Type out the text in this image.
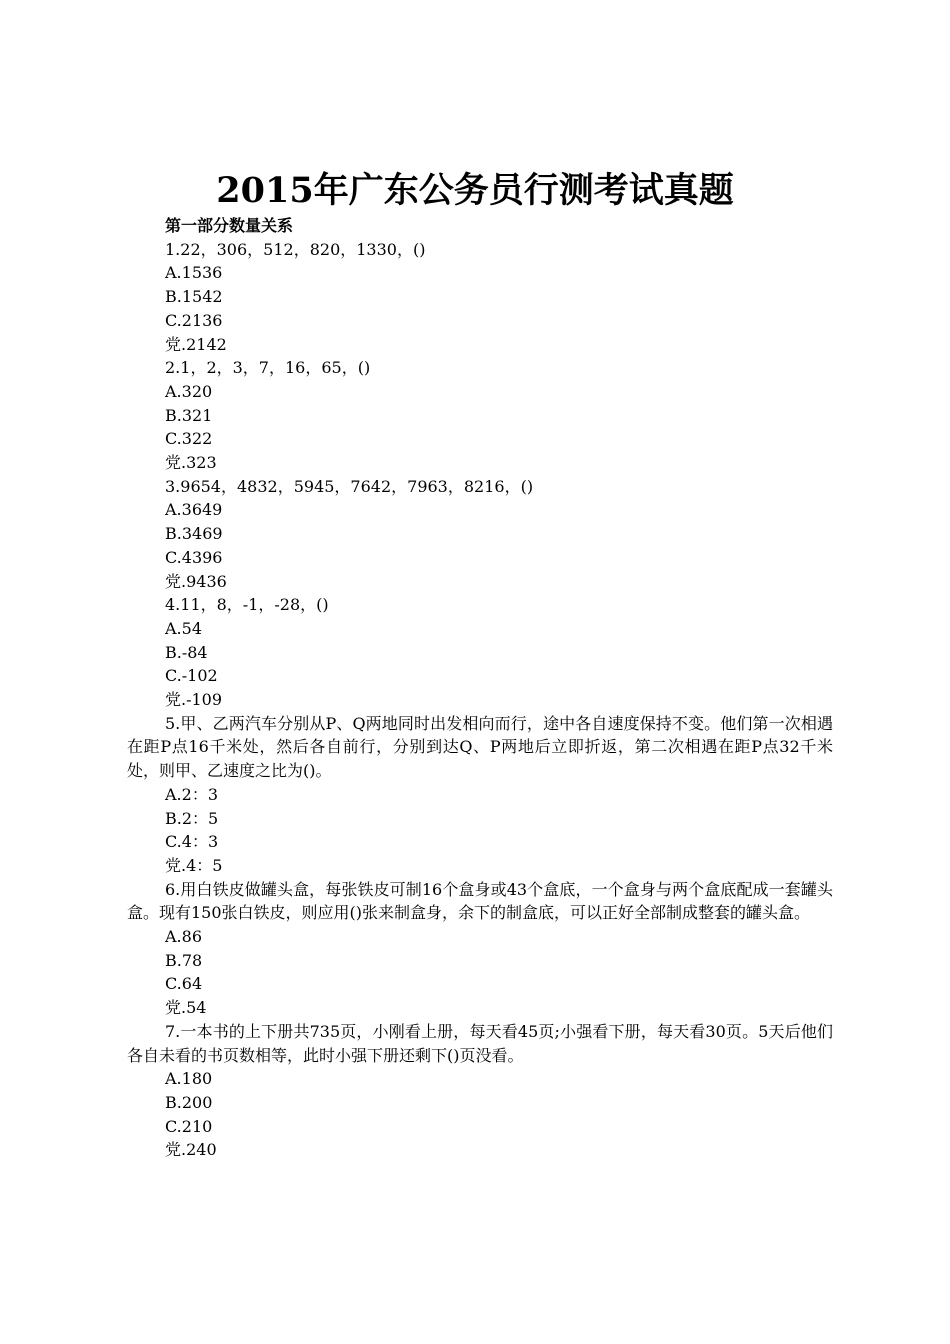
2015年广东公务员行测考试真题
第一部分数量关系
1.22，306，512，820，1330，()
A.1536
B.1542
C.2136
党.2142
2.1，2，3，7，16，65，()
A.320
B.321
C.322
党.323
3.9654，4832，5945，7642，7963，8216，()
A.3649
B.3469
C.4396
党.9436
4.11，8，-1，-28，()
A.54
B.-84
C.-102
党.-109
5.甲、乙两汽车分别从P、Q两地同时出发相向而行，途中各自速度保持不变。他们第一次相遇在距P点16千米处，然后各自前行，分别到达Q、P两地后立即折返，第二次相遇在距P点32千米处，则甲、乙速度之比为()。
A.2：3
B.2：5
C.4：3
党.4：5
6.用白铁皮做罐头盒，每张铁皮可制16个盒身或43个盒底，一个盒身与两个盒底配成一套罐头盒。现有150张白铁皮，则应用()张来制盒身，余下的制盒底，可以正好全部制成整套的罐头盒。
A.86
B.78
C.64
党.54
7.一本书的上下册共735页，小刚看上册，每天看45页;小强看下册，每天看30页。5天后他们各自未看的书页数相等，此时小强下册还剩下()页没看。
A.180
B.200
C.210
党.240
